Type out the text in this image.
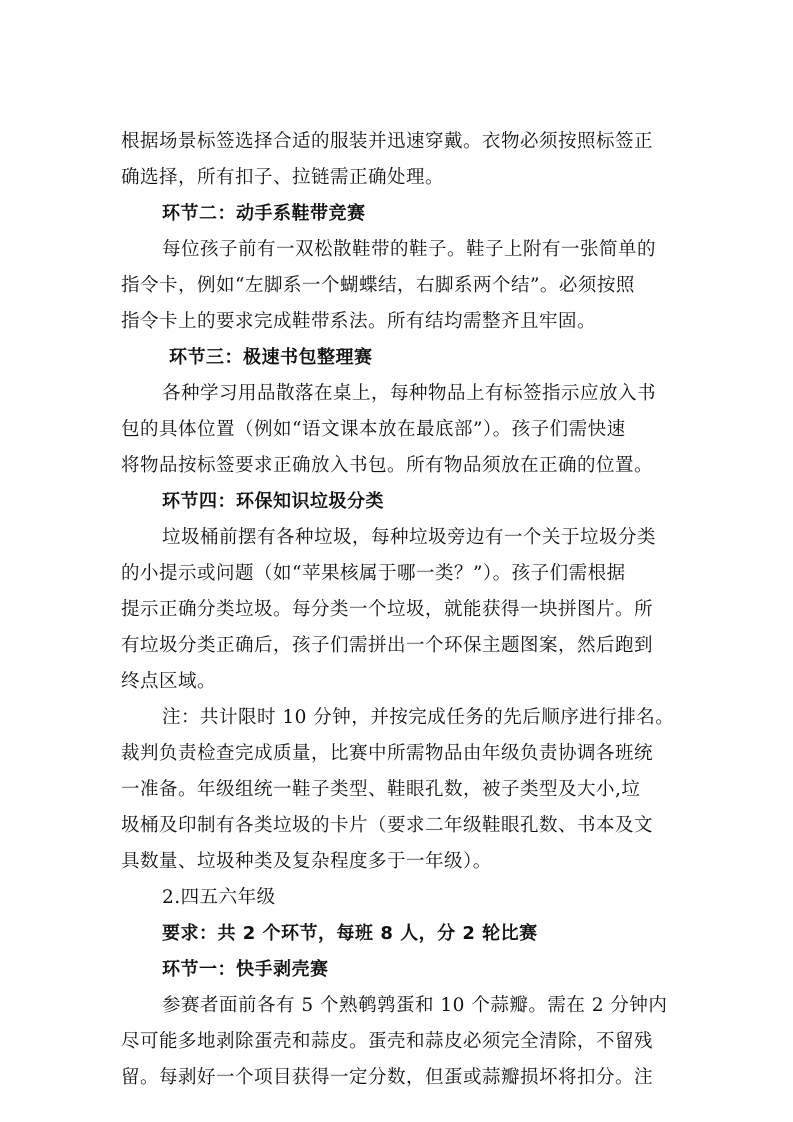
根据场景标签选择合适的服装并迅速穿戴。衣物必须按照标签正
确选择，所有扣子、拉链需正确处理。
环节二：动手系鞋带竞赛
每位孩子前有一双松散鞋带的鞋子。鞋子上附有一张简单的
指令卡，例如“左脚系一个蝴蝶结，右脚系两个结”。必须按照
指令卡上的要求完成鞋带系法。所有结均需整齐且牢固。
环节三：极速书包整理赛
各种学习用品散落在桌上，每种物品上有标签指示应放入书
包的具体位置（例如“语文课本放在最底部”）。孩子们需快速
将物品按标签要求正确放入书包。所有物品须放在正确的位置。
环节四：环保知识垃圾分类
垃圾桶前摆有各种垃圾，每种垃圾旁边有一个关于垃圾分类
的小提示或问题（如“苹果核属于哪一类？”）。孩子们需根据
提示正确分类垃圾。每分类一个垃圾，就能获得一块拼图片。所
有垃圾分类正确后，孩子们需拼出一个环保主题图案，然后跑到
终点区域。
注：共计限时 10 分钟，并按完成任务的先后顺序进行排名。
裁判负责检查完成质量，比赛中所需物品由年级负责协调各班统
一准备。年级组统一鞋子类型、鞋眼孔数，被子类型及大小,垃
圾桶及印制有各类垃圾的卡片（要求二年级鞋眼孔数、书本及文
具数量、垃圾种类及复杂程度多于一年级）。
2.四五六年级
要求：共 2 个环节，每班 8 人，分 2 轮比赛
环节一：快手剥壳赛
参赛者面前各有 5 个熟鹌鹑蛋和 10 个蒜瓣。需在 2 分钟内
尽可能多地剥除蛋壳和蒜皮。蛋壳和蒜皮必须完全清除，不留残
留。每剥好一个项目获得一定分数，但蛋或蒜瓣损坏将扣分。注
